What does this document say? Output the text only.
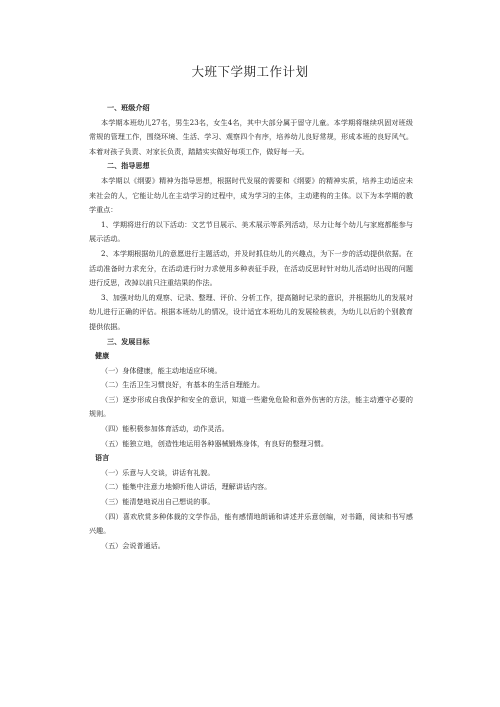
大班下学期工作计划
一、班级介绍
本学期本班幼儿27名，男生23名，女生4名，其中大部分属于留守儿童。本学期将继续巩固对班级常规的管理工作，围绕环境、生活、学习、观察四个有序，培养幼儿良好常规，形成本班的良好风气。本着对孩子负责、对家长负责，踏踏实实做好每项工作，做好每一天。
二、指导思想
本学期以《纲要》精神为指导思想，根据时代发展的需要和《纲要》的精神实质，培养主动适应未来社会的人，它能让幼儿在主动学习的过程中，成为学习的主体，主动建构的主体。以下为本学期的教学重点：
1、学期将进行的以下活动：文艺节目展示、美术展示等系列活动，尽力让每个幼儿与家庭都能参与展示活动。
2、本学期根据幼儿的意愿进行主题活动，并及时抓住幼儿的兴趣点，为下一步的活动提供依据。在活动准备时力求充分，在活动进行时力求使用多种表征手段，在活动反思时针对幼儿活动时出现的问题进行反思，改掉以前只注重结果的作法。
3、加强对幼儿的观察、记录、整理、评价、分析工作，提高随时记录的意识，并根据幼儿的发展对幼儿进行正确的评估。根据本班幼儿的情况，设计适宜本班幼儿的发展检核表，为幼儿以后的个别教育提供依据。
三、发展目标
健康
（一）身体健康，能主动地适应环境。
（二）生活卫生习惯良好，有基本的生活自理能力。
（三）逐步形成自我保护和安全的意识，知道一些避免危险和意外伤害的方法，能主动遵守必要的规则。
（四）能积极参加体育活动，动作灵活。
（五）能独立地，创造性地运用各种器械锻炼身体，有良好的整理习惯。
语言
（一）乐意与人交谈，讲话有礼貌。
（二）能集中注意力地倾听他人讲话，理解讲话内容。
（三）能清楚地说出自己想说的事。
（四）喜欢欣赏多种体裁的文学作品，能有感情地朗诵和讲述并乐意创编，对书籍，阅读和书写感兴趣。
（五）会说普通话。
